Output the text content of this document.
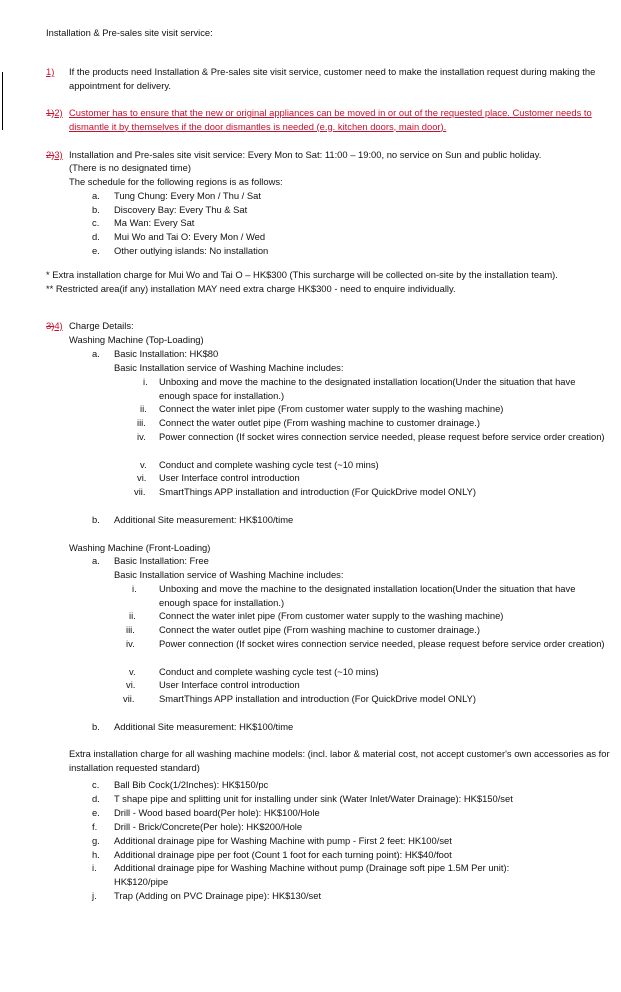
Installation & Pre-sales site visit service:
1) If the products need Installation & Pre-sales site visit service, customer need to make the installation request during making the appointment for delivery.
1)2) Customer has to ensure that the new or original appliances can be moved in or out of the requested place. Customer needs to dismantle it by themselves if the door dismantles is needed (e.g. kitchen doors, main door).
2)3) Installation and Pre-sales site visit service: Every Mon to Sat: 11:00 – 19:00, no service on Sun and public holiday.
(There is no designated time)
The schedule for the following regions is as follows:
a. Tung Chung: Every Mon / Thu / Sat
b. Discovery Bay: Every Thu & Sat
c. Ma Wan: Every Sat
d. Mui Wo and Tai O: Every Mon / Wed
e. Other outlying islands: No installation
* Extra installation charge for Mui Wo and Tai O – HK$300 (This surcharge will be collected on-site by the installation team).
** Restricted area(if any) installation MAY need extra charge HK$300 - need to enquire individually.
3)4) Charge Details:
Washing Machine (Top-Loading)
a. Basic Installation: HK$80
Basic Installation service of Washing Machine includes:
i. Unboxing and move the machine to the designated installation location(Under the situation that have enough space for installation.)
ii. Connect the water inlet pipe (From customer water supply to the washing machine)
iii. Connect the water outlet pipe (From washing machine to customer drainage.)
iv. Power connection (If socket wires connection service needed, please request before service order creation)
v. Conduct and complete washing cycle test (~10 mins)
vi. User Interface control introduction
vii. SmartThings APP installation and introduction (For QuickDrive model ONLY)
b. Additional Site measurement: HK$100/time
Washing Machine (Front-Loading)
a. Basic Installation: Free
Basic Installation service of Washing Machine includes:
i. Unboxing and move the machine to the designated installation location(Under the situation that have enough space for installation.)
ii. Connect the water inlet pipe (From customer water supply to the washing machine)
iii.	Connect the water outlet pipe (From washing machine to customer drainage.)
iv.	Power connection (If socket wires connection service needed, please request before service order creation)
v. Conduct and complete washing cycle test (~10 mins)
vi.	User Interface control introduction
vii.	SmartThings APP installation and introduction (For QuickDrive model ONLY)
b. Additional Site measurement: HK$100/time
Extra installation charge for all washing machine models: (incl. labor & material cost, not accept customer's own accessories as for installation requested standard)
c. Ball Bib Cock(1/2Inches): HK$150/pc
d. T shape pipe and splitting unit for installing under sink (Water Inlet/Water Drainage): HK$150/set
e. Drill - Wood based board(Per hole): HK$100/Hole
f. Drill - Brick/Concrete(Per hole): HK$200/Hole
g. Additional drainage pipe for Washing Machine with pump - First 2 feet: HK100/set
h. Additional drainage pipe per foot (Count 1 foot for each turning point): HK$40/foot
i. Additional drainage pipe for Washing Machine without pump (Drainage soft pipe 1.5M Per unit): HK$120/pipe
j. Trap (Adding on PVC Drainage pipe): HK$130/set
